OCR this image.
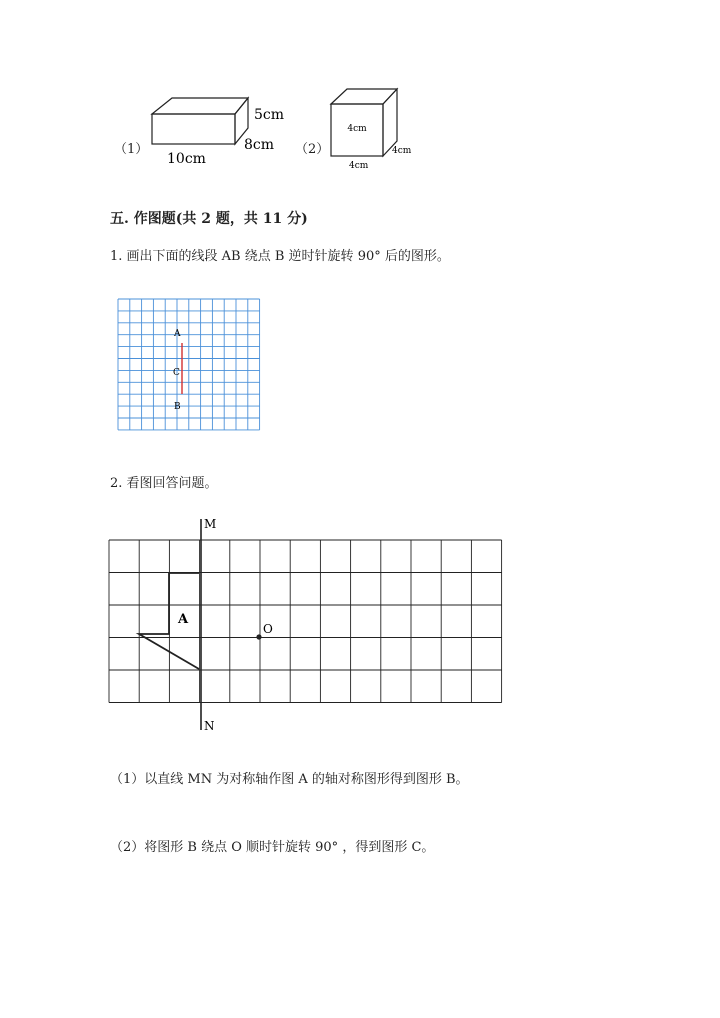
（1）
5cm
8cm
10cm
（2）
4cm
4cm
4cm
五. 作图题(共 2 题，共 11 分)
1. 画出下面的线段 AB 绕点 B 逆时针旋转 90° 后的图形。
A
C
B
2. 看图回答问题。
M
N
A
O
（1）以直线 MN 为对称轴作图 A 的轴对称图形得到图形 B。
（2）将图形 B 绕点 O 顺时针旋转 90° ，得到图形 C。
